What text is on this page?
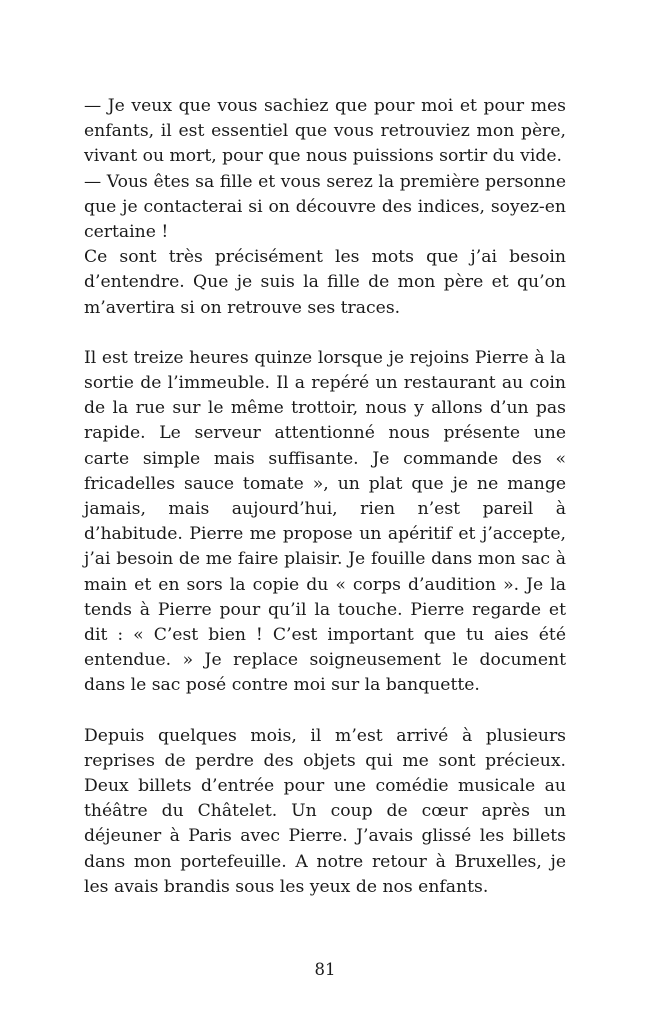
— Je veux que vous sachiez que pour moi et pour mes enfants, il est essentiel que vous retrouviez mon père, vivant ou mort, pour que nous puissions sortir du vide.

— Vous êtes sa fille et vous serez la première personne que je contacterai si on découvre des indices, soyez-en certaine !

Ce sont très précisément les mots que j’ai besoin d’entendre. Que je suis la fille de mon père et qu’on m’avertira si on retrouve ses traces.

Il est treize heures quinze lorsque je rejoins Pierre à la sortie de l’immeuble. Il a repéré un restaurant au coin de la rue sur le même trottoir, nous y allons d’un pas rapide. Le serveur attentionné nous présente une carte simple mais suffisante. Je commande des « fricadelles sauce tomate », un plat que je ne mange jamais, mais aujourd’hui, rien n’est pareil à d’habitude. Pierre me propose un apéritif et j’accepte, j’ai besoin de me faire plaisir. Je fouille dans mon sac à main et en sors la copie du « corps d’audition ». Je la tends à Pierre pour qu’il la touche. Pierre regarde et dit : « C’est bien ! C’est important que tu aies été entendue. » Je replace soigneusement le document dans le sac posé contre moi sur la banquette.

Depuis quelques mois, il m’est arrivé à plusieurs reprises de perdre des objets qui me sont précieux. Deux billets d’entrée pour une comédie musicale au théâtre du Châtelet. Un coup de cœur après un déjeuner à Paris avec Pierre. J’avais glissé les billets dans mon portefeuille. A notre retour à Bruxelles, je les avais brandis sous les yeux de nos enfants.

81
